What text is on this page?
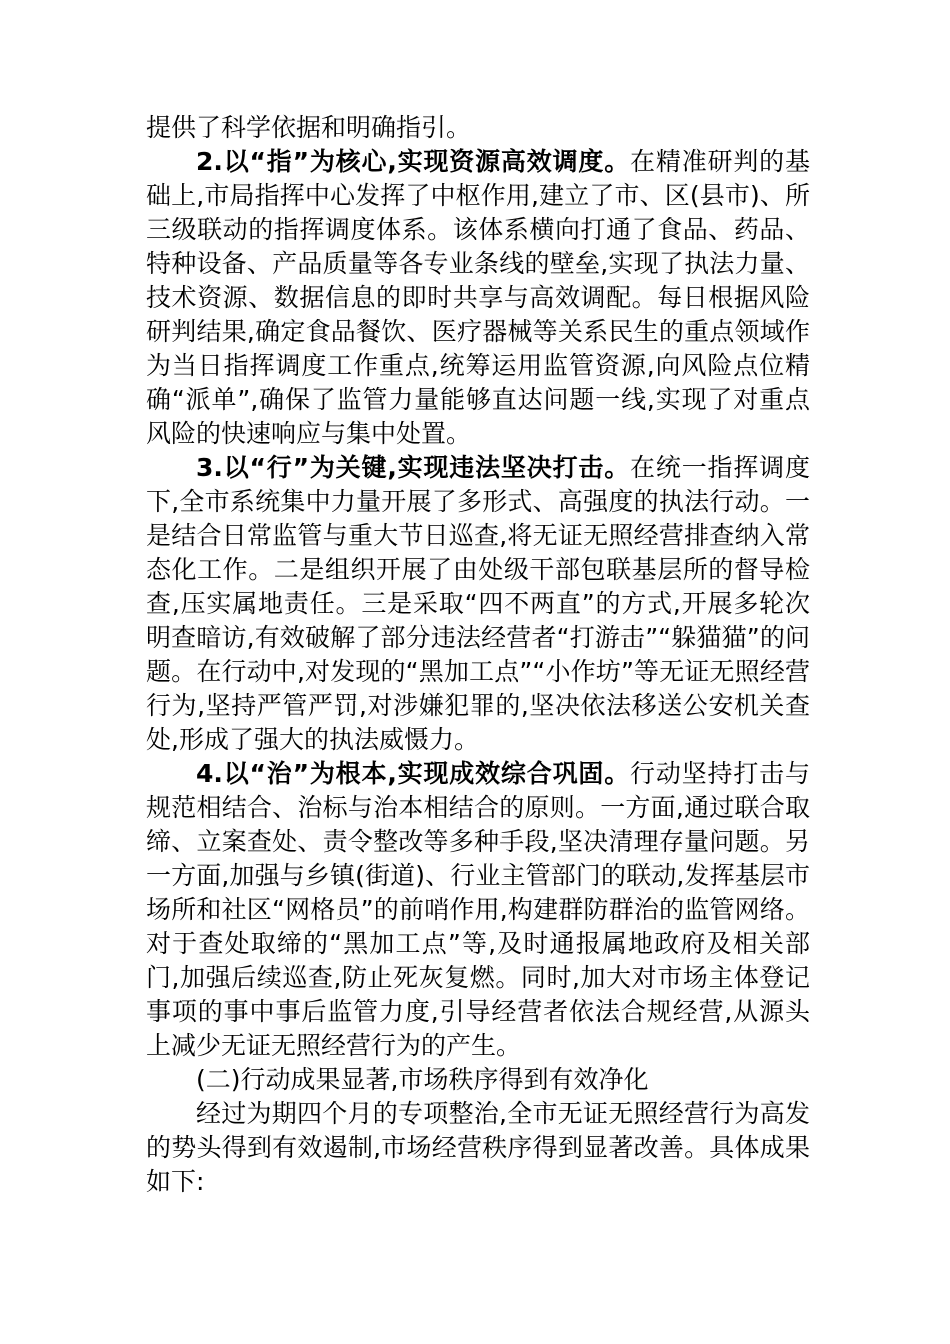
提供了科学依据和明确指引。

2.以“指”为核心,实现资源高效调度。在精准研判的基础上,市局指挥中心发挥了中枢作用,建立了市、区(县市)、所三级联动的指挥调度体系。该体系横向打通了食品、药品、特种设备、产品质量等各专业条线的壁垒,实现了执法力量、技术资源、数据信息的即时共享与高效调配。每日根据风险研判结果,确定食品餐饮、医疗器械等关系民生的重点领域作为当日指挥调度工作重点,统筹运用监管资源,向风险点位精确“派单”,确保了监管力量能够直达问题一线,实现了对重点风险的快速响应与集中处置。

3.以“行”为关键,实现违法坚决打击。在统一指挥调度下,全市系统集中力量开展了多形式、高强度的执法行动。一是结合日常监管与重大节日巡查,将无证无照经营排查纳入常态化工作。二是组织开展了由处级干部包联基层所的督导检查,压实属地责任。三是采取“四不两直”的方式,开展多轮次明查暗访,有效破解了部分违法经营者“打游击”“躲猫猫”的问题。在行动中,对发现的“黑加工点”“小作坊”等无证无照经营行为,坚持严管严罚,对涉嫌犯罪的,坚决依法移送公安机关查处,形成了强大的执法威慑力。

4.以“治”为根本,实现成效综合巩固。行动坚持打击与规范相结合、治标与治本相结合的原则。一方面,通过联合取缔、立案查处、责令整改等多种手段,坚决清理存量问题。另一方面,加强与乡镇(街道)、行业主管部门的联动,发挥基层市场所和社区“网格员”的前哨作用,构建群防群治的监管网络。对于查处取缔的“黑加工点”等,及时通报属地政府及相关部门,加强后续巡查,防止死灰复燃。同时,加大对市场主体登记事项的事中事后监管力度,引导经营者依法合规经营,从源头上减少无证无照经营行为的产生。

(二)行动成果显著,市场秩序得到有效净化

经过为期四个月的专项整治,全市无证无照经营行为高发的势头得到有效遏制,市场经营秩序得到显著改善。具体成果如下:
